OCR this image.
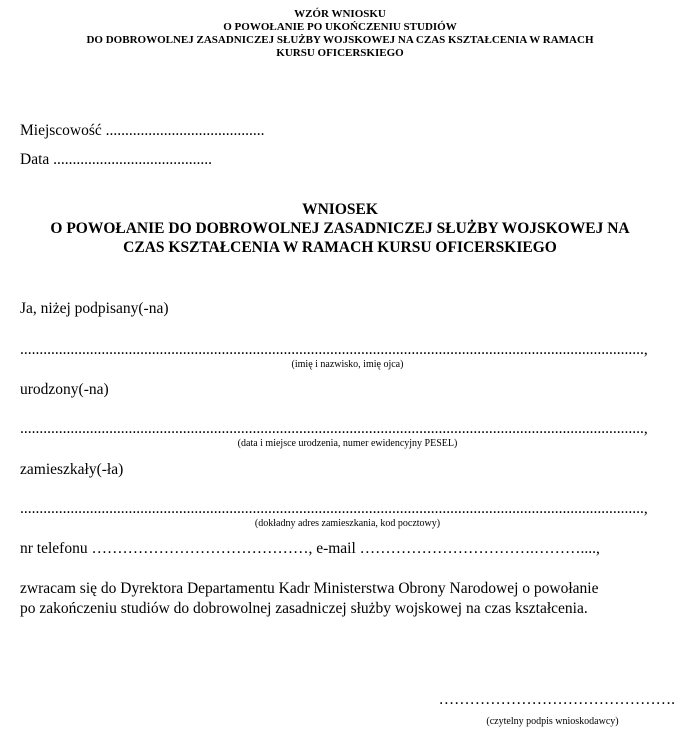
WZÓR WNIOSKU
O POWOŁANIE PO UKOŃCZENIU STUDIÓW
DO DOBROWOLNEJ ZASADNICZEJ SŁUŻBY WOJSKOWEJ NA CZAS KSZTAŁCENIA W RAMACH
KURSU OFICERSKIEGO
Miejscowość .........................................
Data .........................................
WNIOSEK
O POWOŁANIE DO DOBROWOLNEJ ZASADNICZEJ SŁUŻBY WOJSKOWEJ NA
CZAS KSZTAŁCENIA W RAMACH KURSU OFICERSKIEGO
Ja, niżej podpisany(-na)
.................................................................................................................................................................,
(imię i nazwisko, imię ojca)
urodzony(-na)
.................................................................................................................................................................,
(data i miejsce urodzenia, numer ewidencyjny PESEL)
zamieszkały(-ła)
.................................................................................................................................................................,
(dokładny adres zamieszkania, kod pocztowy)
nr telefonu ……………………………………, e-mail …………………………….………....,
zwracam się do Dyrektora Departamentu Kadr Ministerstwa Obrony Narodowej o powołanie
po zakończeniu studiów do dobrowolnej zasadniczej służby wojskowej na czas kształcenia.
……………………………………….
(czytelny podpis wnioskodawcy)
